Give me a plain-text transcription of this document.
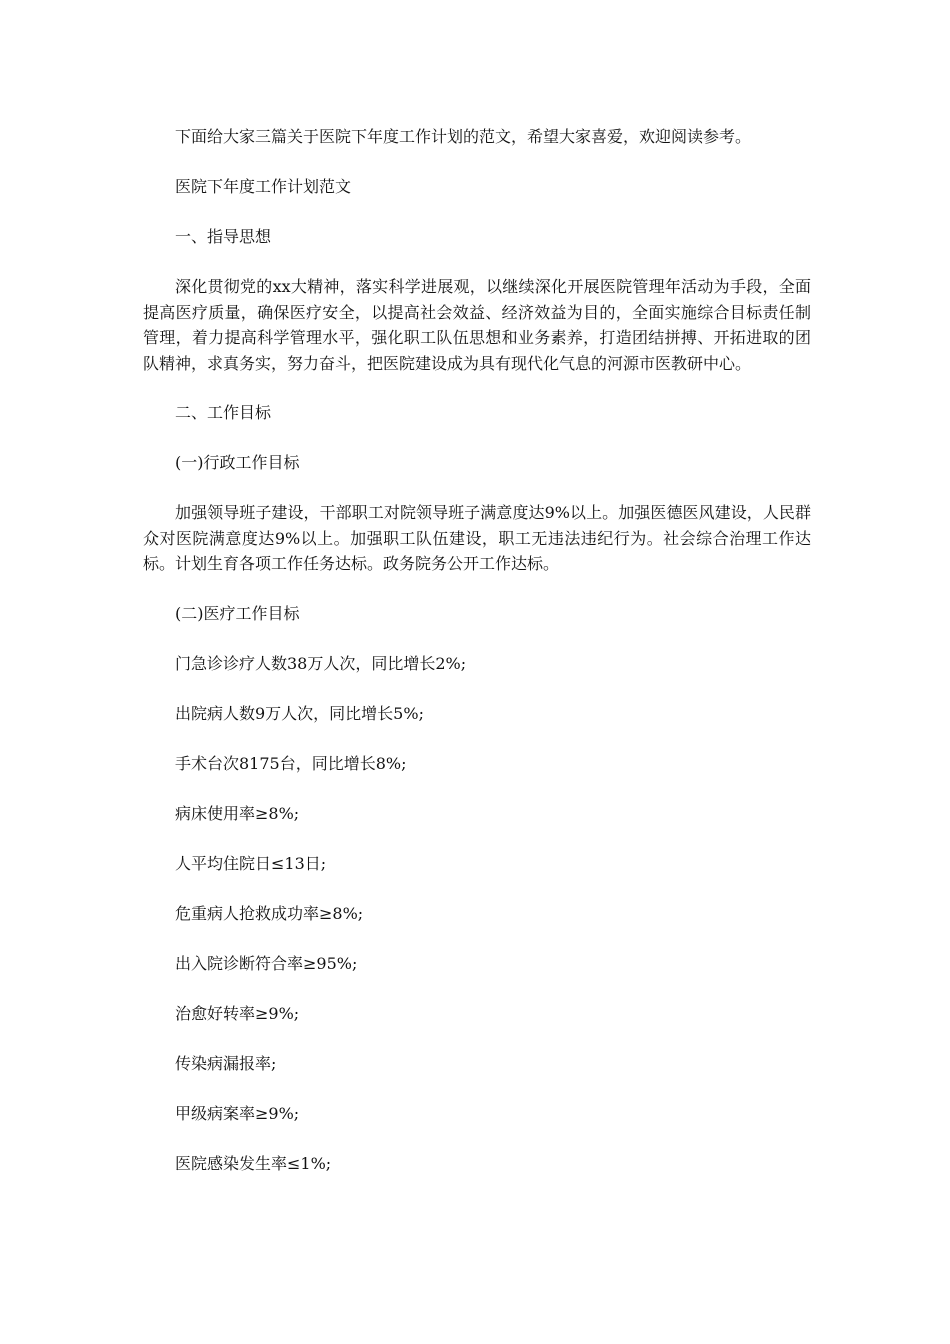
下面给大家三篇关于医院下年度工作计划的范文，希望大家喜爱，欢迎阅读参考。

医院下年度工作计划范文

一、指导思想

深化贯彻党的xx大精神，落实科学进展观，以继续深化开展医院管理年活动为手段，全面提高医疗质量，确保医疗安全，以提高社会效益、经济效益为目的，全面实施综合目标责任制管理，着力提高科学管理水平，强化职工队伍思想和业务素养，打造团结拼搏、开拓进取的团队精神，求真务实，努力奋斗，把医院建设成为具有现代化气息的河源市医教研中心。

二、工作目标

(一)行政工作目标

加强领导班子建设，干部职工对院领导班子满意度达9%以上。加强医德医风建设，人民群众对医院满意度达9%以上。加强职工队伍建设，职工无违法违纪行为。社会综合治理工作达标。计划生育各项工作任务达标。政务院务公开工作达标。

(二)医疗工作目标

门急诊诊疗人数38万人次，同比增长2%;

出院病人数9万人次，同比增长5%;

手术台次8175台，同比增长8%;

病床使用率≥8%;

人平均住院日≤13日;

危重病人抢救成功率≥8%;

出入院诊断符合率≥95%;

治愈好转率≥9%;

传染病漏报率;

甲级病案率≥9%;

医院感染发生率≤1%;
